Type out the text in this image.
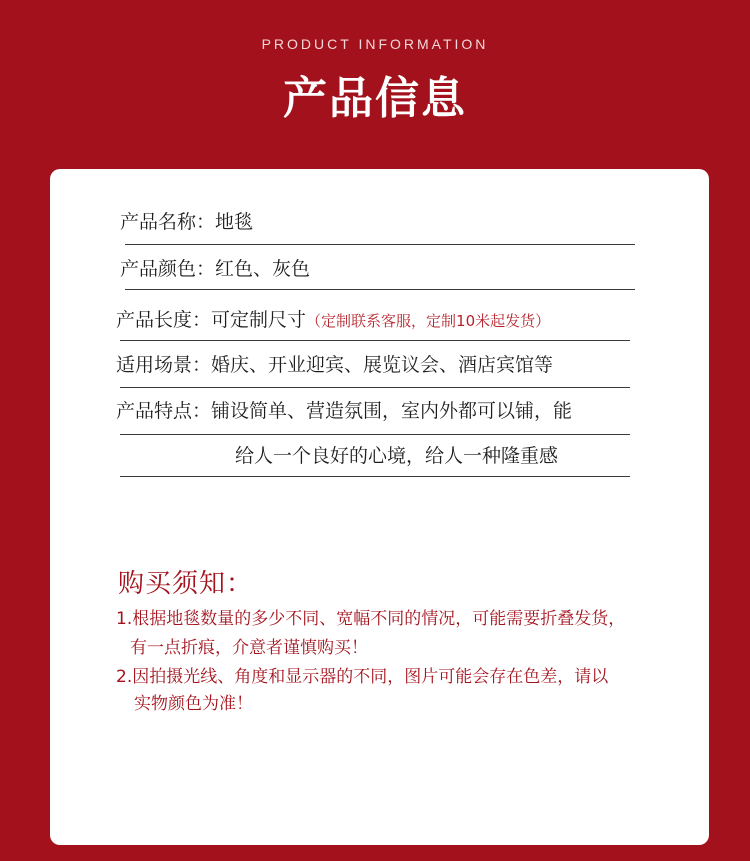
PRODUCT INFORMATION
产品信息
产品名称：地毯
产品颜色：红色、灰色
产品长度：可定制尺寸（定制联系客服，定制10米起发货）
适用场景：婚庆、开业迎宾、展览议会、酒店宾馆等
产品特点：铺设简单、营造氛围，室内外都可以铺，能
给人一个良好的心境，给人一种隆重感
购买须知：
1.根据地毯数量的多少不同、宽幅不同的情况，可能需要折叠发货，
有一点折痕，介意者谨慎购买！
2.因拍摄光线、角度和显示器的不同，图片可能会存在色差，请以
实物颜色为准！
